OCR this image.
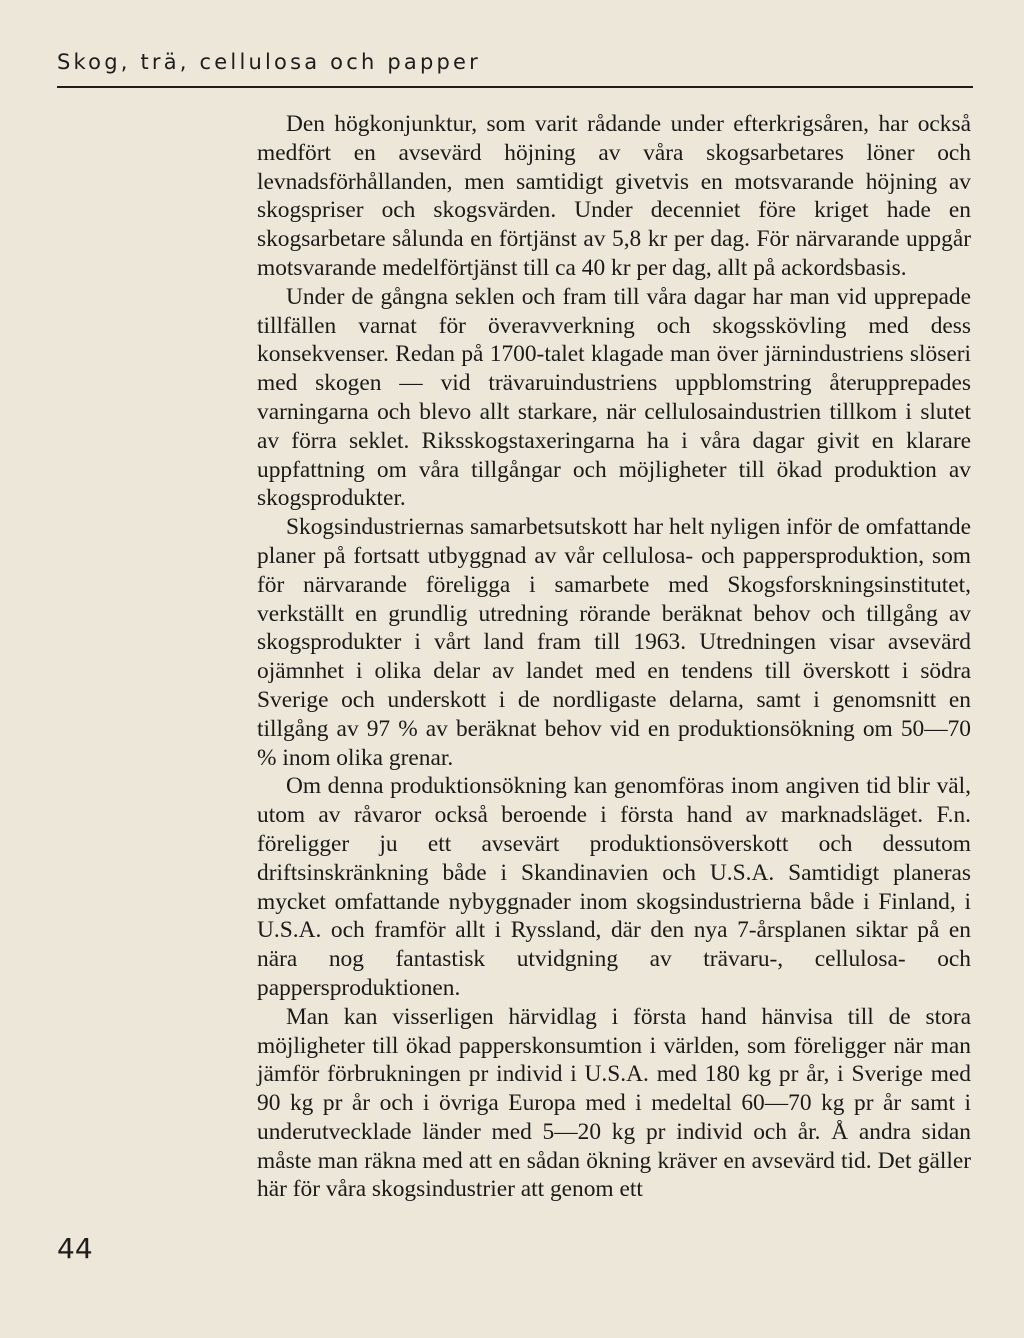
Skog, trä, cellulosa och papper

Den högkonjunktur, som varit rådande under efterkrigsåren, har också medfört en avsevärd höjning av våra skogsarbetares löner och levnadsförhållanden, men samtidigt givetvis en motsvarande höjning av skogspriser och skogsvärden. Under decenniet före kriget hade en skogsarbetare sålunda en förtjänst av 5,8 kr per dag. För närvarande uppgår motsvarande medelförtjänst till ca 40 kr per dag, allt på ackordsbasis.

Under de gångna seklen och fram till våra dagar har man vid upprepade tillfällen varnat för överavverkning och skogsskövling med dess konsekvenser. Redan på 1700-talet klagade man över järnindustriens slöseri med skogen — vid trävaruindustriens uppblomstring återupprepades varningarna och blevo allt starkare, när cellulosaindustrien tillkom i slutet av förra seklet. Riksskogstaxeringarna ha i våra dagar givit en klarare uppfattning om våra tillgångar och möjligheter till ökad produktion av skogsprodukter.

Skogsindustriernas samarbetsutskott har helt nyligen inför de omfattande planer på fortsatt utbyggnad av vår cellulosa- och pappersproduktion, som för närvarande föreligga i samarbete med Skogsforskningsinstitutet, verkställt en grundlig utredning rörande beräknat behov och tillgång av skogsprodukter i vårt land fram till 1963. Utredningen visar avsevärd ojämnhet i olika delar av landet med en tendens till överskott i södra Sverige och underskott i de nordligaste delarna, samt i genomsnitt en tillgång av 97 % av beräknat behov vid en produktionsökning om 50—70 % inom olika grenar.

Om denna produktionsökning kan genomföras inom angiven tid blir väl, utom av råvaror också beroende i första hand av marknadsläget. F.n. föreligger ju ett avsevärt produktionsöverskott och dessutom driftsinskränkning både i Skandinavien och U.S.A. Samtidigt planeras mycket omfattande nybyggnader inom skogsindustrierna både i Finland, i U.S.A. och framför allt i Ryssland, där den nya 7-årsplanen siktar på en nära nog fantastisk utvidgning av trävaru-, cellulosa- och pappersproduktionen.

Man kan visserligen härvidlag i första hand hänvisa till de stora möjligheter till ökad papperskonsumtion i världen, som föreligger när man jämför förbrukningen pr individ i U.S.A. med 180 kg pr år, i Sverige med 90 kg pr år och i övriga Europa med i medeltal 60—70 kg pr år samt i underutvecklade länder med 5—20 kg pr individ och år. Å andra sidan måste man räkna med att en sådan ökning kräver en avsevärd tid. Det gäller här för våra skogsindustrier att genom ett

44
